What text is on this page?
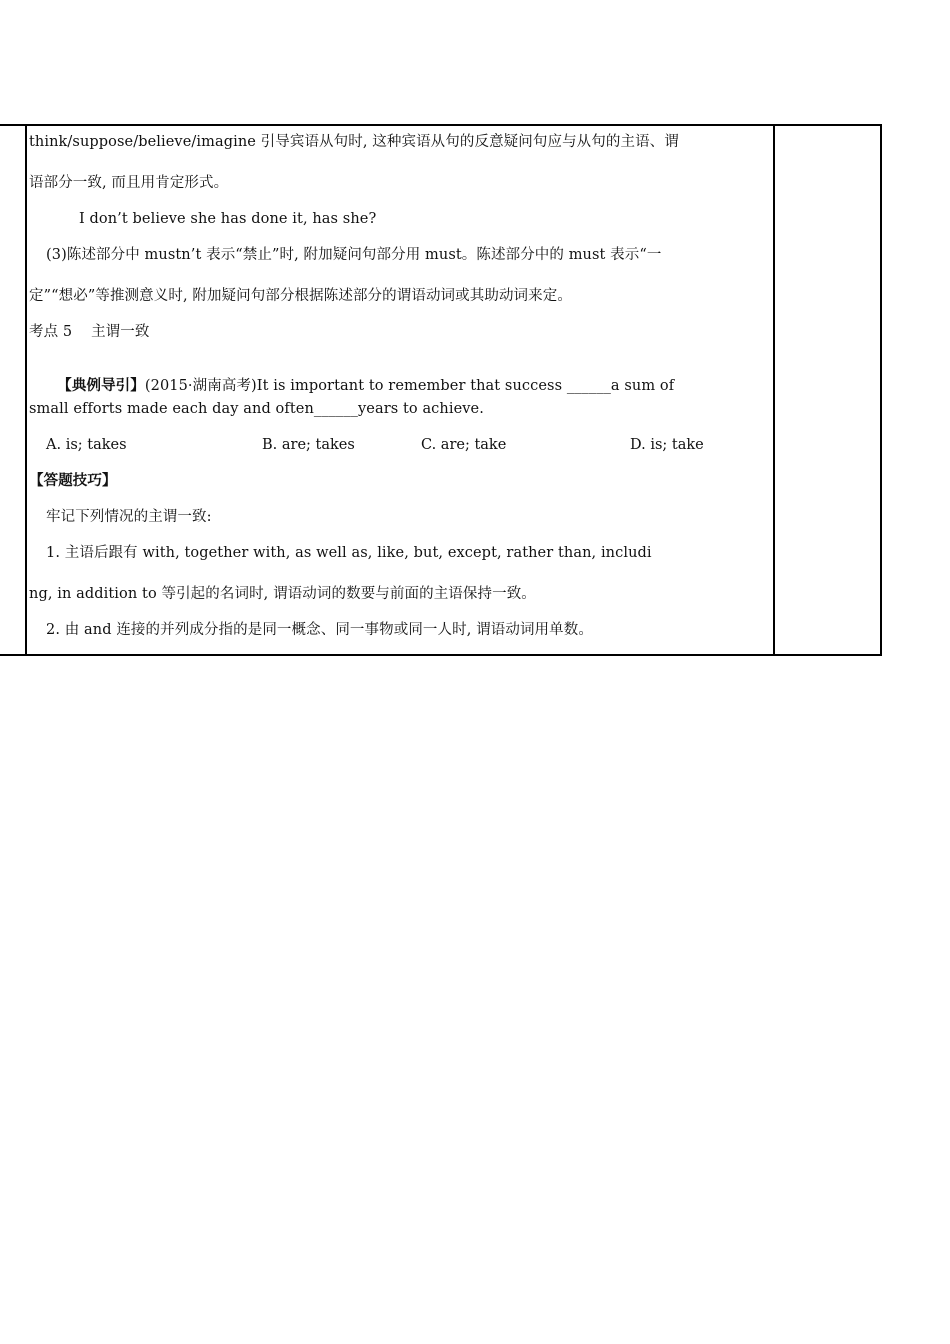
think/suppose/believe/imagine 引导宾语从句时, 这种宾语从句的反意疑问句应与从句的主语、谓
语部分一致, 而且用肯定形式。
I don’t believe she has done it, has she?
(3)陈述部分中 mustn’t 表示“禁止”时, 附加疑问句部分用 must。陈述部分中的 must 表示“一
定”“想必”等推测意义时, 附加疑问句部分根据陈述部分的谓语动词或其助动词来定。
考点 5    主谓一致

【典例导引】(2015·湖南高考)It is important to remember that success ______a sum of

small efforts made each day and often______years to achieve.
A. is; takes	B. are; takes	C. are; take	D. is; take
【答题技巧】
牢记下列情况的主谓一致:
1. 主语后跟有 with, together with, as well as, like, but, except, rather than, includi
ng, in addition to 等引起的名词时, 谓语动词的数要与前面的主语保持一致。
2. 由 and 连接的并列成分指的是同一概念、同一事物或同一人时, 谓语动词用单数。
